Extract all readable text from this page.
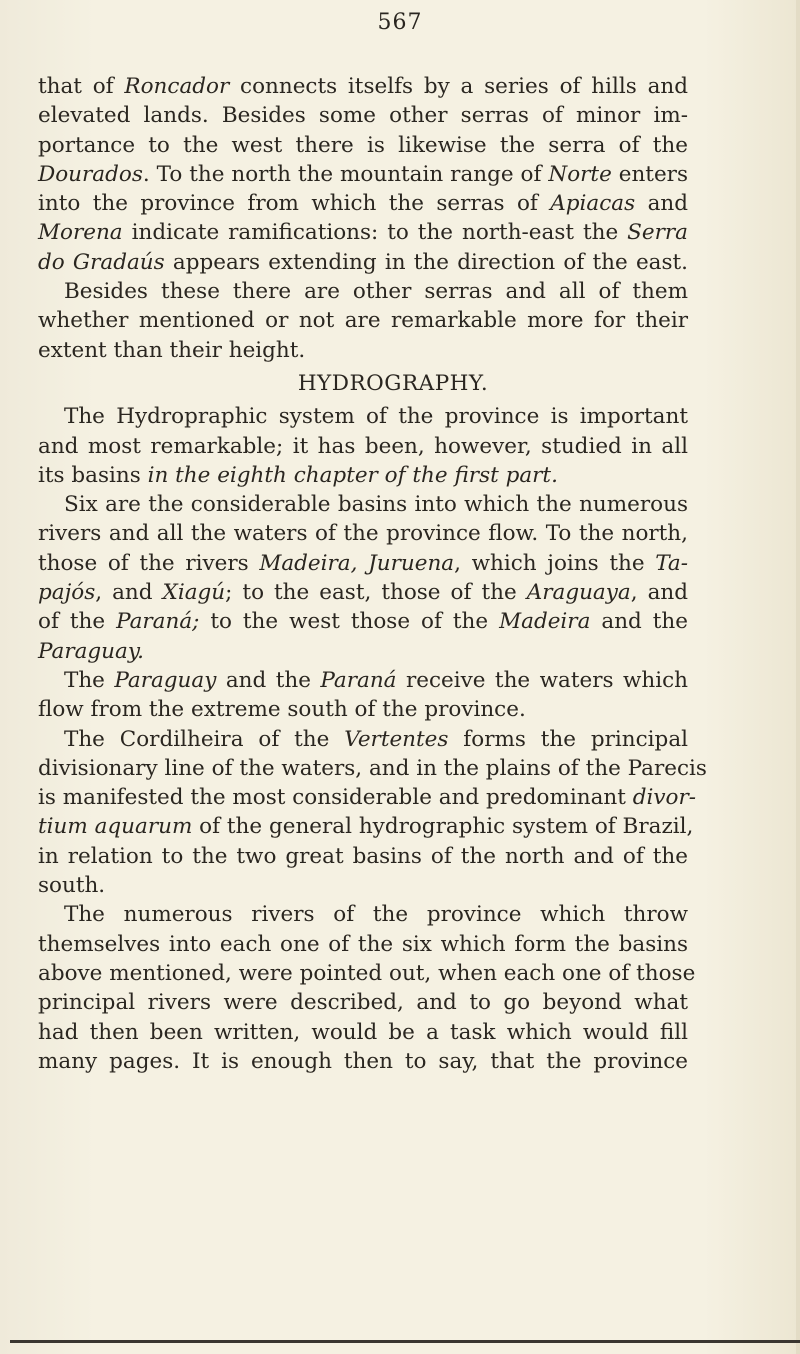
567
that of Roncador connects itselfs by a series of hills and
elevated lands. Besides some other serras of minor im-
portance to the west there is likewise the serra of the
Dourados. To the north the mountain range of Norte enters
into the province from which the serras of Apiacas and
Morena indicate ramifications: to the north-east the Serra
do Gradaús appears extending in the direction of the east.
Besides these there are other serras and all of them
whether mentioned or not are remarkable more for their
extent than their height.
HYDROGRAPHY.
The Hydropraphic system of the province is important
and most remarkable; it has been, however, studied in all
its basins in the eighth chapter of the first part.
Six are the considerable basins into which the numerous
rivers and all the waters of the province flow. To the north,
those of the rivers Madeira, Juruena, which joins the Ta-
pajós, and Xiagú; to the east, those of the Araguaya, and
of the Paraná; to the west those of the Madeira and the
Paraguay.
The Paraguay and the Paraná receive the waters which
flow from the extreme south of the province.
The Cordilheira of the Vertentes forms the principal
divisionary line of the waters, and in the plains of the Parecis
is manifested the most considerable and predominant divor-
tium aquarum of the general hydrographic system of Brazil,
in relation to the two great basins of the north and of the
south.
The numerous rivers of the province which throw
themselves into each one of the six which form the basins
above mentioned, were pointed out, when each one of those
principal rivers were described, and to go beyond what
had then been written, would be a task which would fill
many pages. It is enough then to say, that the province
